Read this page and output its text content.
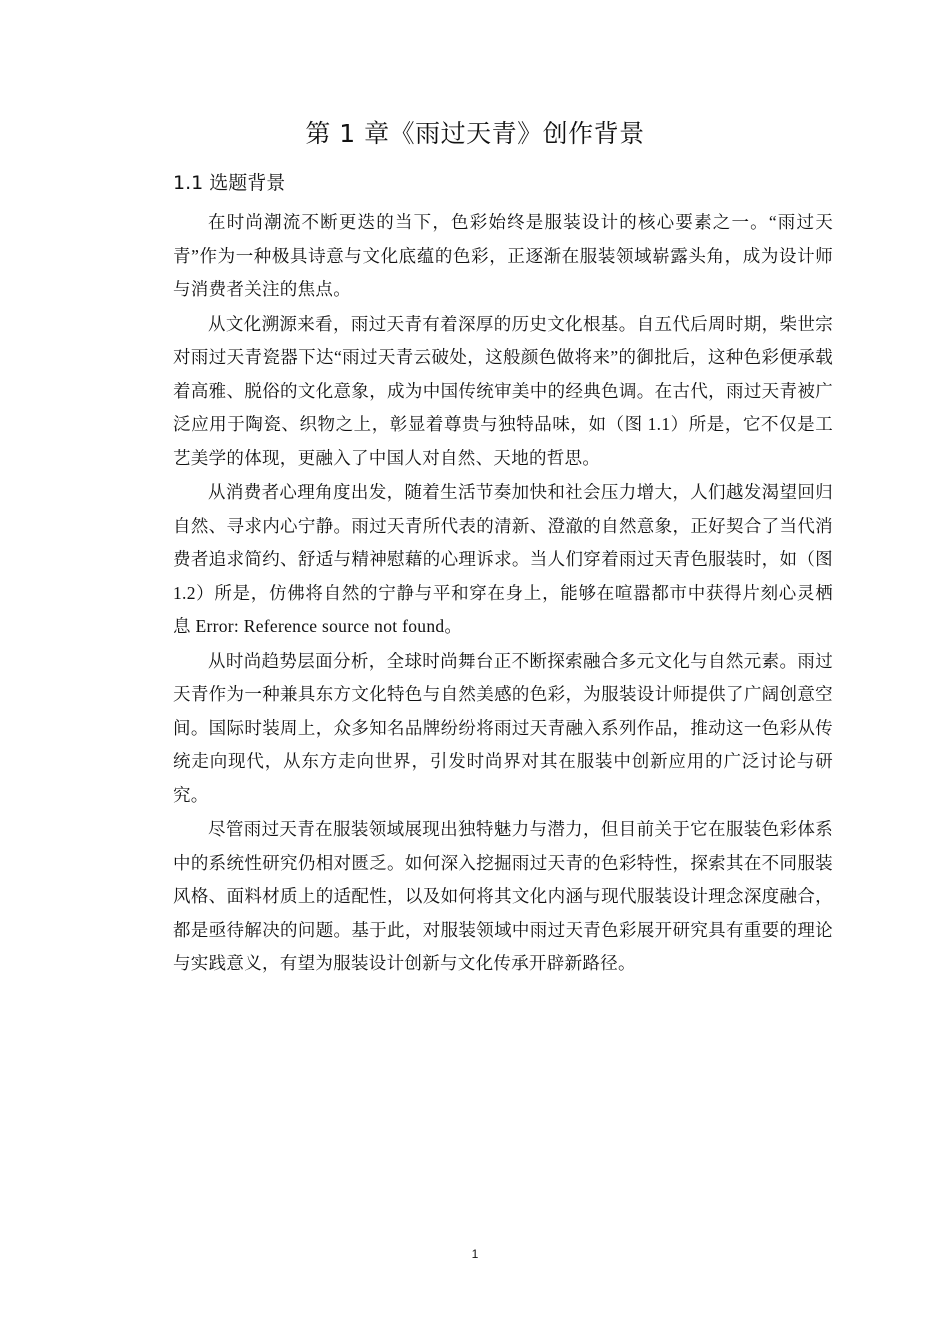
第 1 章《雨过天青》创作背景
1.1 选题背景

在时尚潮流不断更迭的当下，色彩始终是服装设计的核心要素之一。“雨过天青”作为一种极具诗意与文化底蕴的色彩，正逐渐在服装领域崭露头角，成为设计师与消费者关注的焦点。

从文化溯源来看，雨过天青有着深厚的历史文化根基。自五代后周时期，柴世宗对雨过天青瓷器下达“雨过天青云破处，这般颜色做将来”的御批后，这种色彩便承载着高雅、脱俗的文化意象，成为中国传统审美中的经典色调。在古代，雨过天青被广泛应用于陶瓷、织物之上，彰显着尊贵与独特品味，如（图 1.1）所是，它不仅是工艺美学的体现，更融入了中国人对自然、天地的哲思。

从消费者心理角度出发，随着生活节奏加快和社会压力增大，人们越发渴望回归自然、寻求内心宁静。雨过天青所代表的清新、澄澈的自然意象，正好契合了当代消费者追求简约、舒适与精神慰藉的心理诉求。当人们穿着雨过天青色服装时，如（图 1.2）所是，仿佛将自然的宁静与平和穿在身上，能够在喧嚣都市中获得片刻心灵栖息 Error: Reference source not found。

从时尚趋势层面分析，全球时尚舞台正不断探索融合多元文化与自然元素。雨过天青作为一种兼具东方文化特色与自然美感的色彩，为服装设计师提供了广阔创意空间。国际时装周上，众多知名品牌纷纷将雨过天青融入系列作品，推动这一色彩从传统走向现代，从东方走向世界，引发时尚界对其在服装中创新应用的广泛讨论与研究。

尽管雨过天青在服装领域展现出独特魅力与潜力，但目前关于它在服装色彩体系中的系统性研究仍相对匮乏。如何深入挖掘雨过天青的色彩特性，探索其在不同服装风格、面料材质上的适配性，以及如何将其文化内涵与现代服装设计理念深度融合，都是亟待解决的问题。基于此，对服装领域中雨过天青色彩展开研究具有重要的理论与实践意义，有望为服装设计创新与文化传承开辟新路径。

1
